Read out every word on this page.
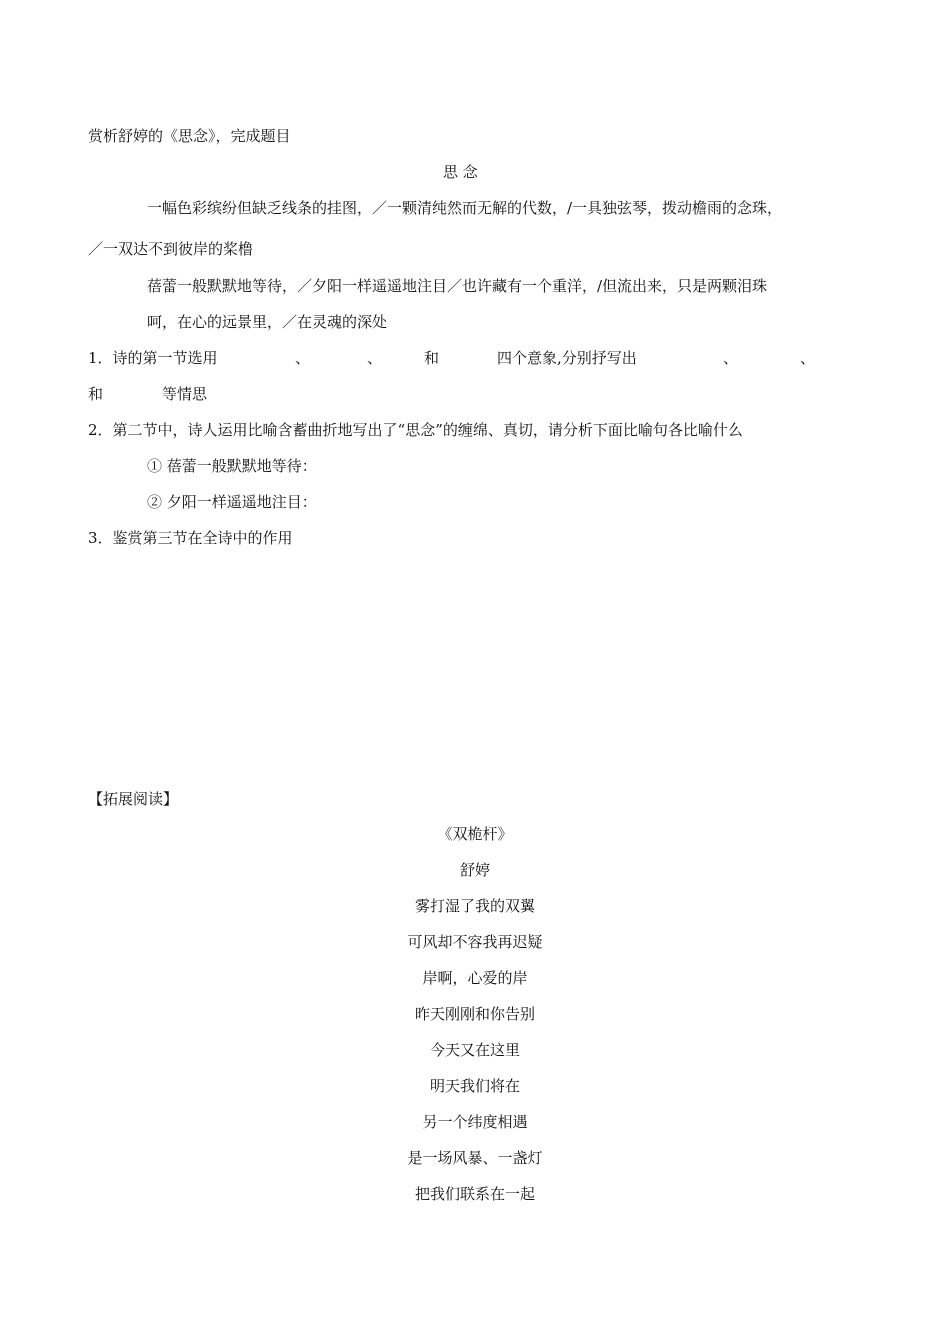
赏析舒婷的《思念》，完成题目
思 念
一幅色彩缤纷但缺乏线条的挂图，／一颗清纯然而无解的代数，/一具独弦琴，拨动檐雨的念珠，
／一双达不到彼岸的桨橹
蓓蕾一般默默地等待，／夕阳一样遥遥地注目／也许藏有一个重洋，/但流出来，只是两颗泪珠
呵，在心的远景里，／在灵魂的深处
1．诗的第一节选用	、	、	和	四个意象,分别抒写出	、	、
和	等情思
2．第二节中，诗人运用比喻含蓄曲折地写出了“思念”的缠绵、真切，请分析下面比喻句各比喻什么
① 蓓蕾一般默默地等待：
② 夕阳一样遥遥地注目：
3．鉴赏第三节在全诗中的作用
【拓展阅读】
《双桅杆》
舒婷
雾打湿了我的双翼
可风却不容我再迟疑
岸啊，心爱的岸
昨天刚刚和你告别
今天又在这里
明天我们将在
另一个纬度相遇
是一场风暴、一盏灯
把我们联系在一起
